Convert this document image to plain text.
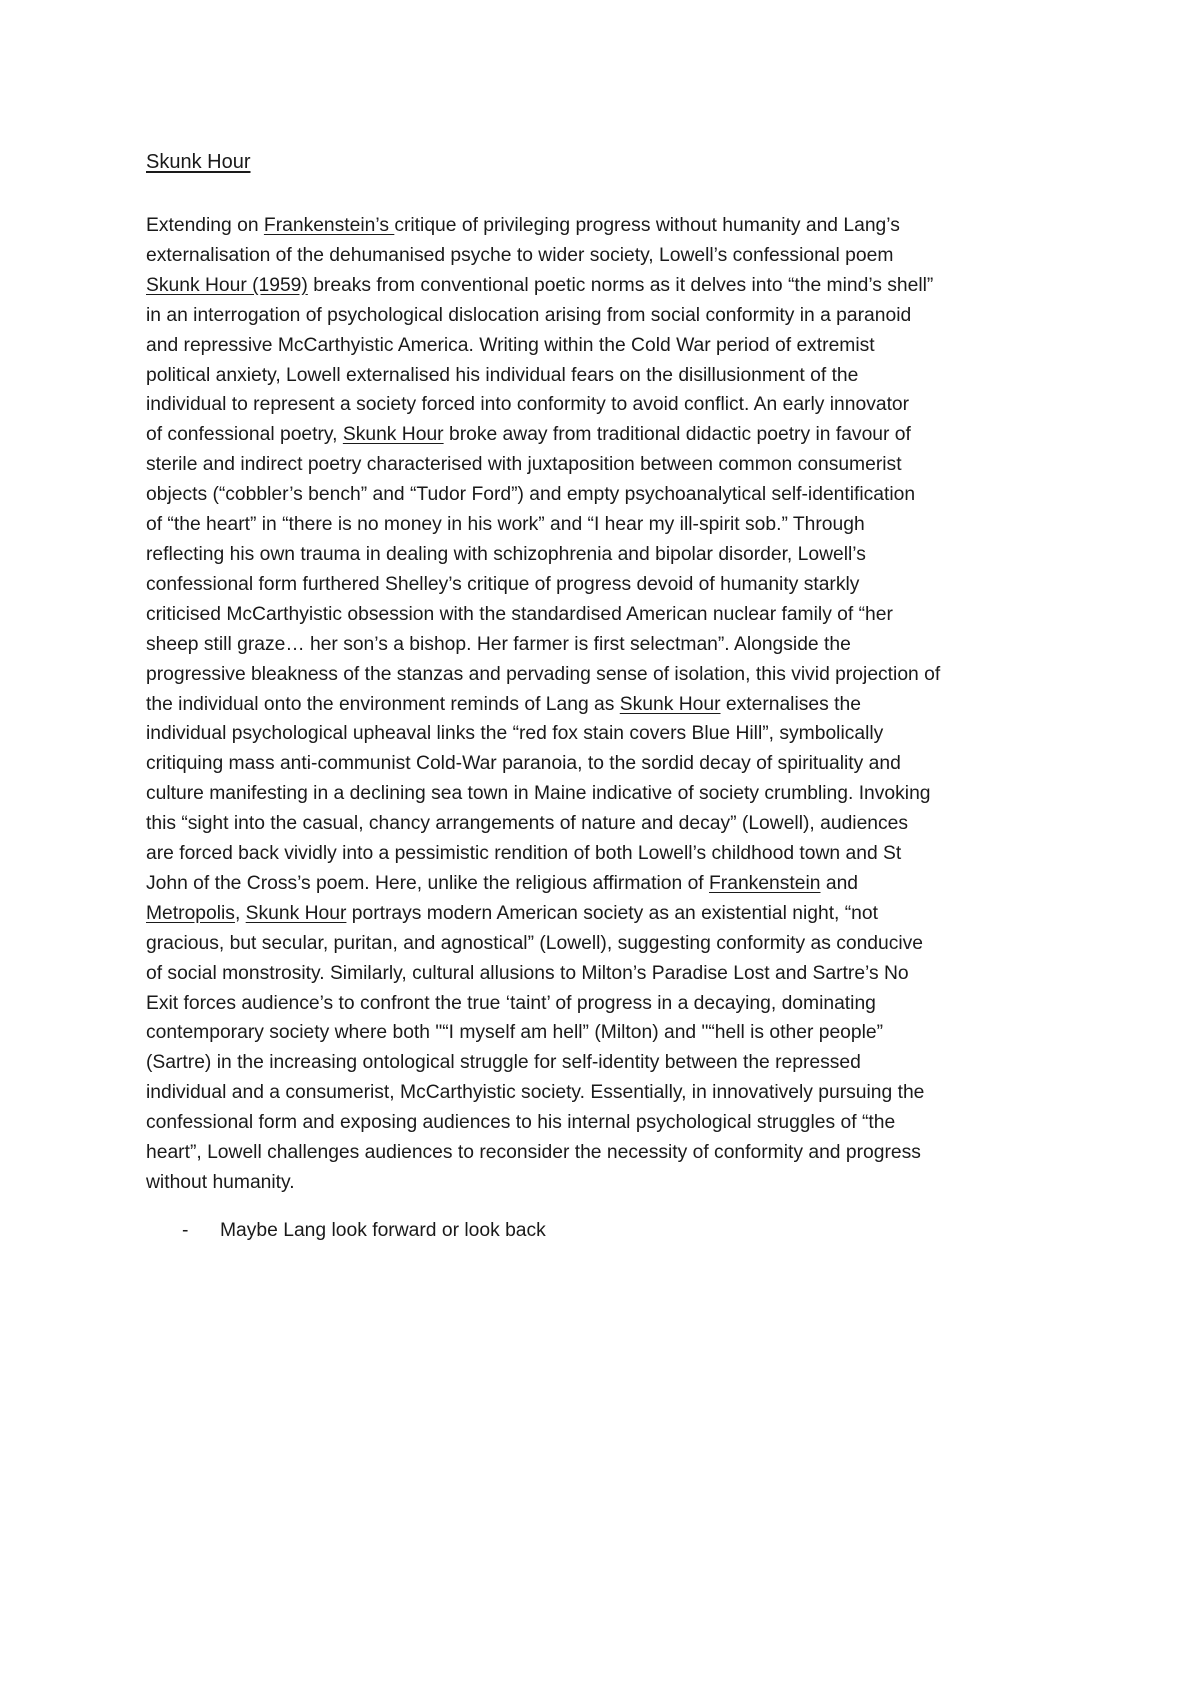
Skunk Hour

Extending on Frankenstein’s critique of privileging progress without humanity and Lang’s
externalisation of the dehumanised psyche to wider society, Lowell’s confessional poem
Skunk Hour (1959) breaks from conventional poetic norms as it delves into “the mind’s shell”
in an interrogation of psychological dislocation arising from social conformity in a paranoid
and repressive McCarthyistic America. Writing within the Cold War period of extremist
political anxiety, Lowell externalised his individual fears on the disillusionment of the
individual to represent a society forced into conformity to avoid conflict. An early innovator
of confessional poetry, Skunk Hour broke away from traditional didactic poetry in favour of
sterile and indirect poetry characterised with juxtaposition between common consumerist
objects (“cobbler’s bench” and “Tudor Ford”) and empty psychoanalytical self-identification
of “the heart” in “there is no money in his work” and “I hear my ill-spirit sob.” Through
reflecting his own trauma in dealing with schizophrenia and bipolar disorder, Lowell’s
confessional form furthered Shelley’s critique of progress devoid of humanity starkly
criticised McCarthyistic obsession with the standardised American nuclear family of “her
sheep still graze… her son’s a bishop. Her farmer is first selectman”. Alongside the
progressive bleakness of the stanzas and pervading sense of isolation, this vivid projection of
the individual onto the environment reminds of Lang as Skunk Hour externalises the
individual psychological upheaval links the “red fox stain covers Blue Hill”, symbolically
critiquing mass anti-communist Cold-War paranoia, to the sordid decay of spirituality and
culture manifesting in a declining sea town in Maine indicative of society crumbling. Invoking
this “sight into the casual, chancy arrangements of nature and decay” (Lowell), audiences
are forced back vividly into a pessimistic rendition of both Lowell’s childhood town and St
John of the Cross’s poem. Here, unlike the religious affirmation of Frankenstein and
Metropolis, Skunk Hour portrays modern American society as an existential night, “not
gracious, but secular, puritan, and agnostical” (Lowell), suggesting conformity as conducive
of social monstrosity. Similarly, cultural allusions to Milton’s Paradise Lost and Sartre’s No
Exit forces audience’s to confront the true ‘taint’ of progress in a decaying, dominating
contemporary society where both "“I myself am hell” (Milton) and "“hell is other people”
(Sartre) in the increasing ontological struggle for self-identity between the repressed
individual and a consumerist, McCarthyistic society. Essentially, in innovatively pursuing the
confessional form and exposing audiences to his internal psychological struggles of “the
heart”, Lowell challenges audiences to reconsider the necessity of conformity and progress
without humanity.

- Maybe Lang look forward or look back
